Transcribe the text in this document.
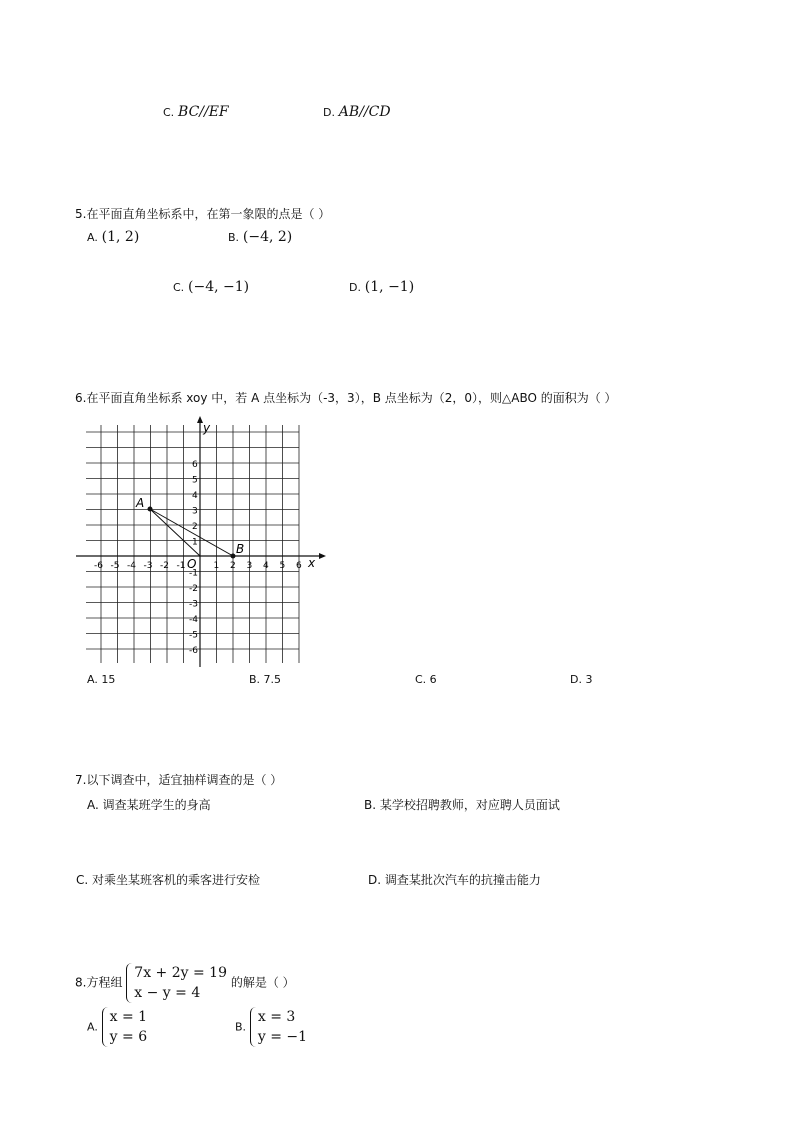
C. BC//EF	D. AB//CD
5.在平面直角坐标系中，在第一象限的点是（ ）
A. (1, 2)	B. (−4, 2)
C. (−4, −1)	D. (1, −1)
6.在平面直角坐标系 xoy 中，若 A 点坐标为（-3，3），B 点坐标为（2，0），则△ABO 的面积为（ ）
x
y
O
-6 -5 -4 -3 -2 -1	1 2 3 4 5 6
6
5
4
3
2
1
-1
-2
-3
-4
-5
-6
A
B
A. 15	B. 7.5	C. 6	D. 3
7.以下调查中，适宜抽样调查的是（ ）
A. 调查某班学生的身高	B. 某学校招聘教师，对应聘人员面试
C. 对乘坐某班客机的乘客进行安检	D. 调查某批次汽车的抗撞击能力
8.方程组
7x + 2y = 19
x − y = 4
的解是（ ）
A.
x = 1
y = 6
B.
x = 3
y = −1
